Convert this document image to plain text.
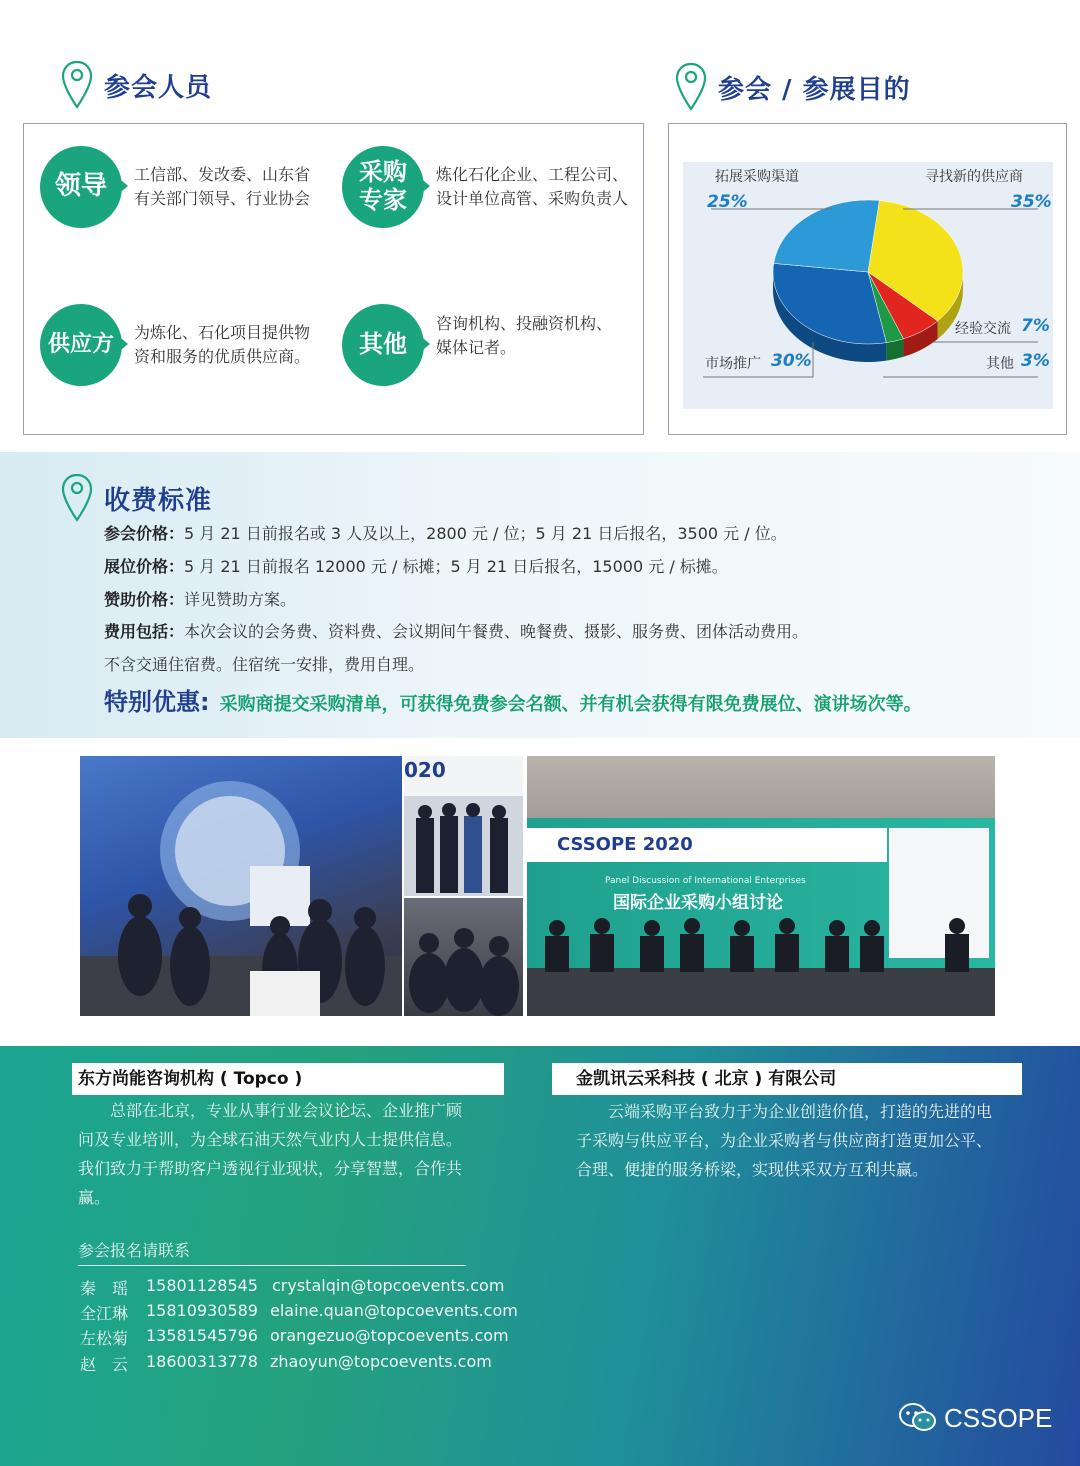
参会人员	参会 / 参展目的
领导	工信部、发改委、山东省
有关部门领导、行业协会
采购
专家
炼化石化企业、工程公司、
设计单位高管、采购负责人
供应方	为炼化、石化项目提供物
资和服务的优质供应商。	其他
咨询机构、投融资机构、
媒体记者。
拓展采购渠道
25%
寻找新的供应商
35%
经验交流 7%
其他 3%
市场推广 30%
收费标准
参会价格：5 月 21 日前报名或 3 人及以上，2800 元 / 位；5 月 21 日后报名，3500 元 / 位。
展位价格：5 月 21 日前报名 12000 元 / 标摊；5 月 21 日后报名，15000 元 / 标摊。
赞助价格：详见赞助方案。
费用包括：本次会议的会务费、资料费、会议期间午餐费、晚餐费、摄影、服务费、团体活动费用。
不含交通住宿费。住宿统一安排，费用自理。
特别优惠: 采购商提交采购清单，可获得免费参会名额、并有机会获得有限免费展位、演讲场次等。
020
CSSOPE 2020
Panel Discussion of International Enterprises
国际企业采购小组讨论
东方尚能咨询机构 ( Topco )
总部在北京，专业从事行业会议论坛、企业推广顾问及专业培训，为全球石油天然气业内人士提供信息。我们致力于帮助客户透视行业现状，分享智慧，合作共赢。
金凯讯云采科技 ( 北京 ) 有限公司
云端采购平台致力于为企业创造价值，打造的先进的电子采购与供应平台，为企业采购者与供应商打造更加公平、合理、便捷的服务桥梁，实现供采双方互利共赢。
参会报名请联系
秦　瑶 15801128545 crystalqin@topcoevents.com
全江琳 15810930589 elaine.quan@topcoevents.com
左松菊 13581545796 orangezuo@topcoevents.com
赵　云 18600313778 zhaoyun@topcoevents.com
CSSOPE
